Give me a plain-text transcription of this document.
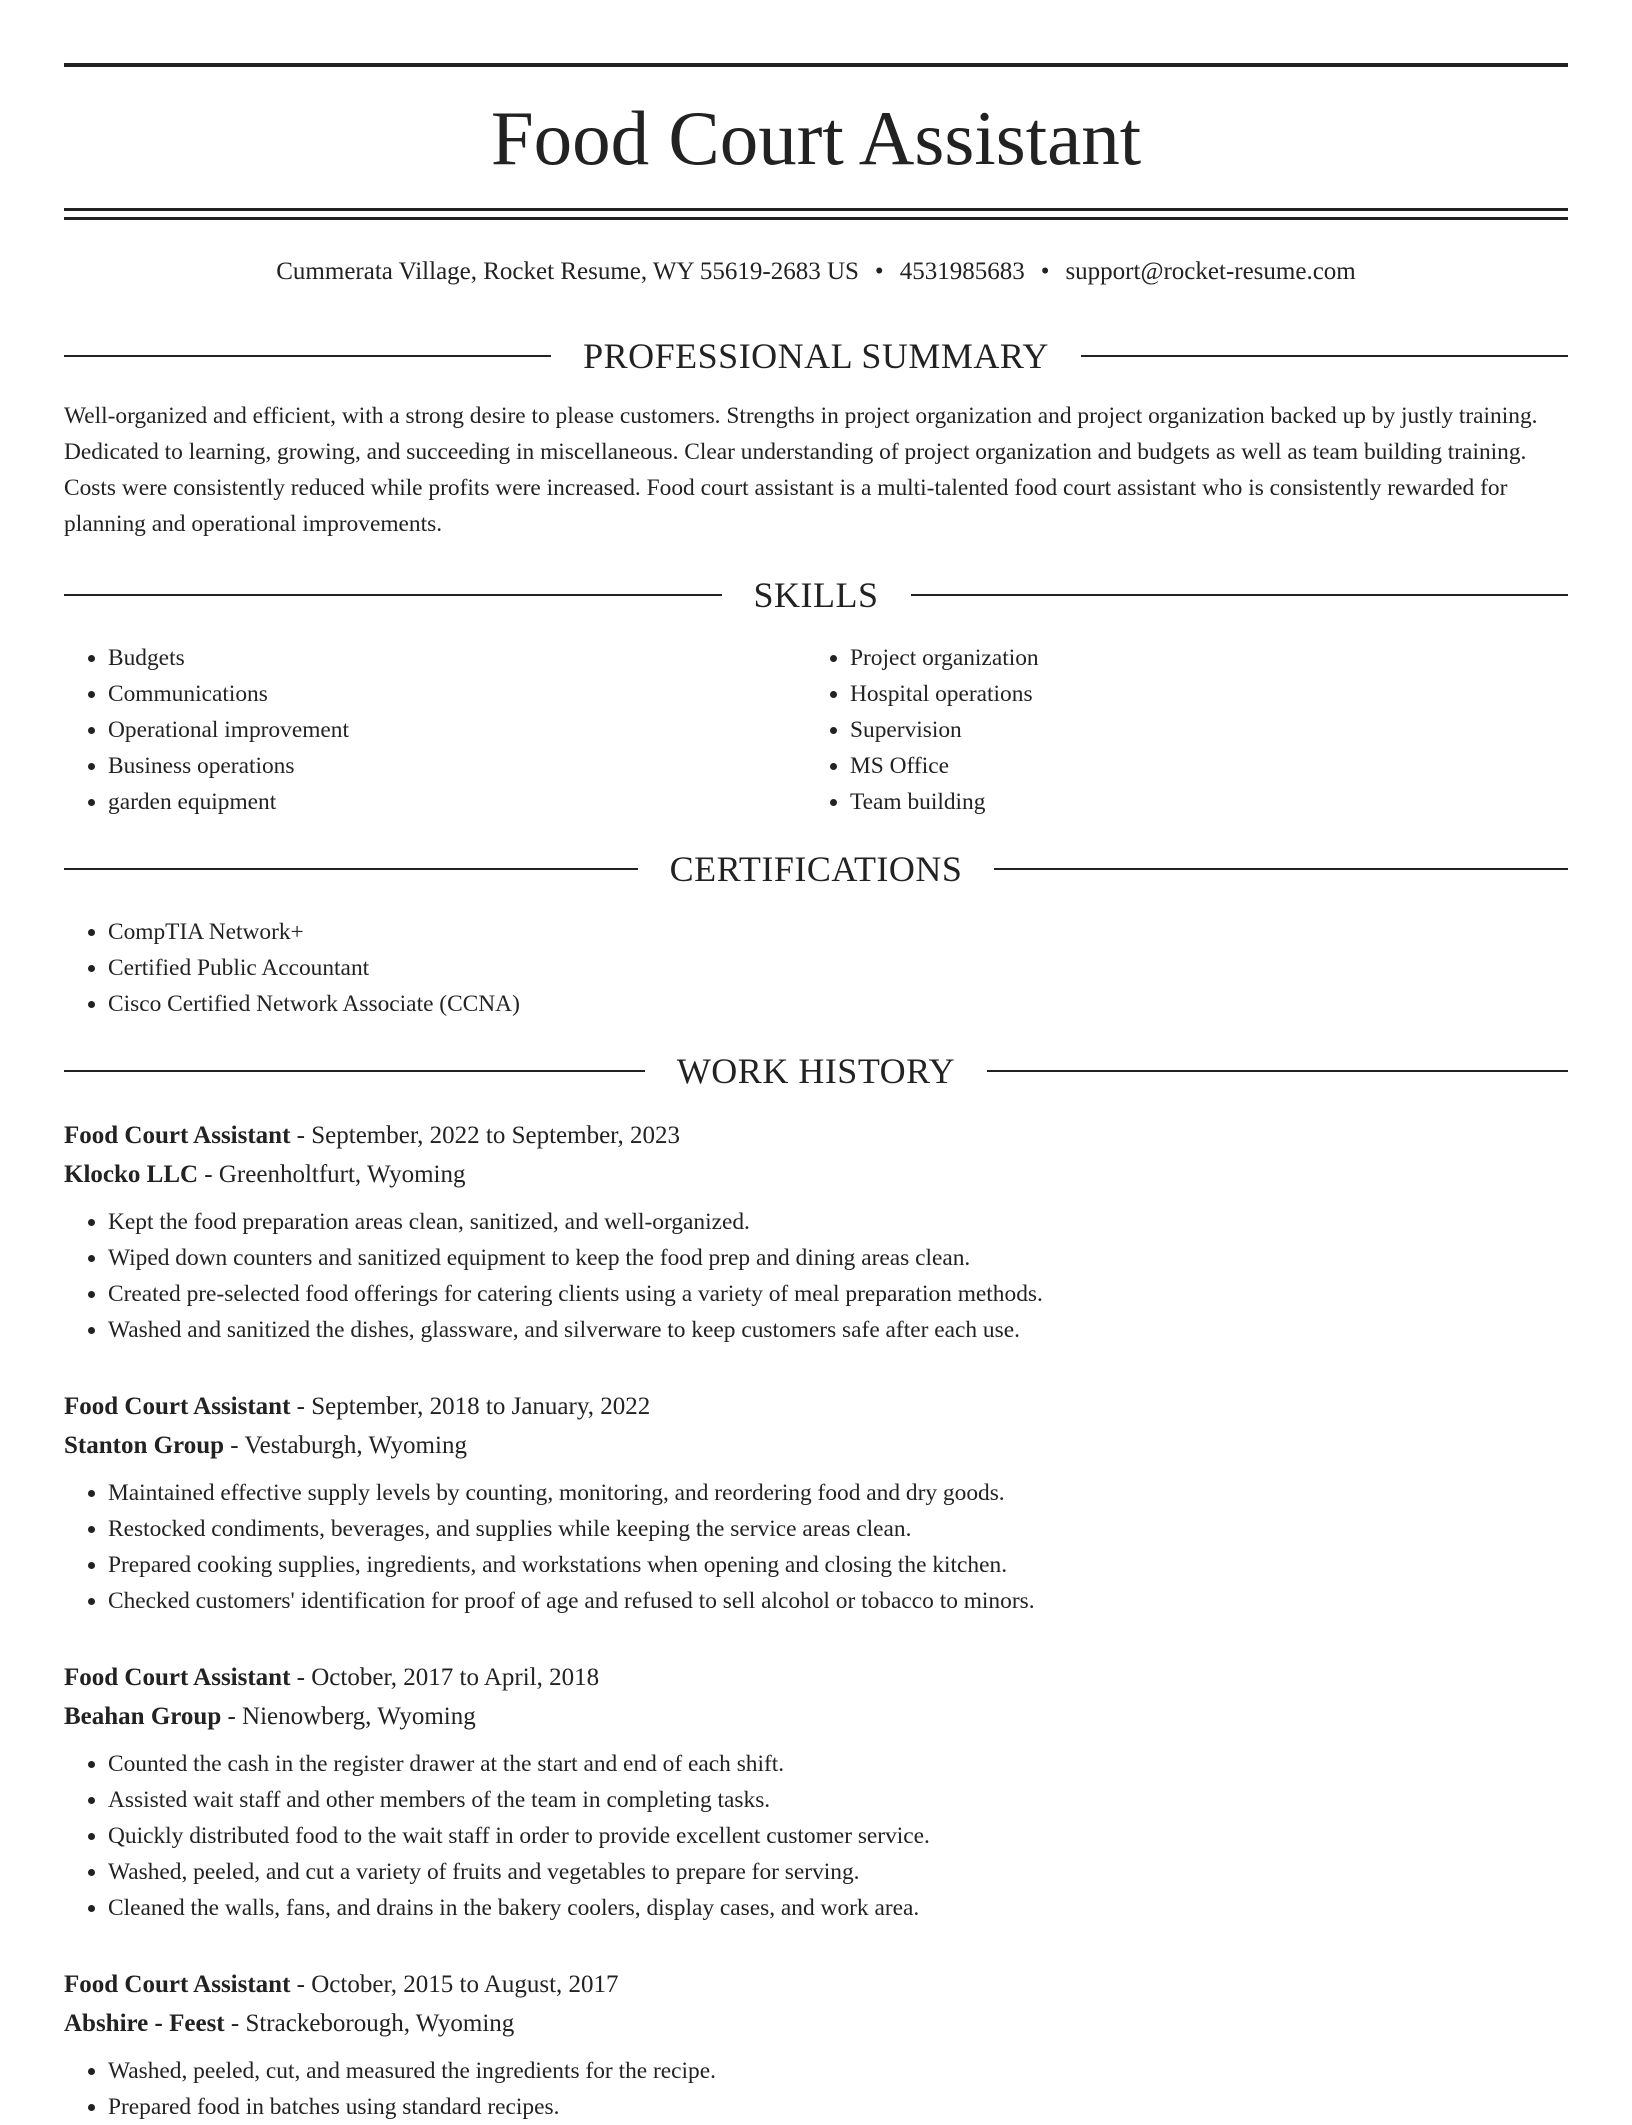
Food Court Assistant
Cummerata Village, Rocket Resume, WY 55619-2683 US • 4531985683 • support@rocket-resume.com
PROFESSIONAL SUMMARY

Well-organized and efficient, with a strong desire to please customers. Strengths in project organization and project organization backed up by justly training. Dedicated to learning, growing, and succeeding in miscellaneous. Clear understanding of project organization and budgets as well as team building training. Costs were consistently reduced while profits were increased. Food court assistant is a multi-talented food court assistant who is consistently rewarded for planning and operational improvements.

SKILLS
• Budgets
• Communications
• Operational improvement
• Business operations
• garden equipment
• Project organization
• Hospital operations
• Supervision
• MS Office
• Team building
CERTIFICATIONS
• CompTIA Network+
• Certified Public Accountant
• Cisco Certified Network Associate (CCNA)
WORK HISTORY
Food Court Assistant - September, 2022 to September, 2023
Klocko LLC - Greenholtfurt, Wyoming
• Kept the food preparation areas clean, sanitized, and well-organized.
• Wiped down counters and sanitized equipment to keep the food prep and dining areas clean.
• Created pre-selected food offerings for catering clients using a variety of meal preparation methods.
• Washed and sanitized the dishes, glassware, and silverware to keep customers safe after each use.
Food Court Assistant - September, 2018 to January, 2022
Stanton Group - Vestaburgh, Wyoming
• Maintained effective supply levels by counting, monitoring, and reordering food and dry goods.
• Restocked condiments, beverages, and supplies while keeping the service areas clean.
• Prepared cooking supplies, ingredients, and workstations when opening and closing the kitchen.
• Checked customers' identification for proof of age and refused to sell alcohol or tobacco to minors.
Food Court Assistant - October, 2017 to April, 2018
Beahan Group - Nienowberg, Wyoming
• Counted the cash in the register drawer at the start and end of each shift.
• Assisted wait staff and other members of the team in completing tasks.
• Quickly distributed food to the wait staff in order to provide excellent customer service.
• Washed, peeled, and cut a variety of fruits and vegetables to prepare for serving.
• Cleaned the walls, fans, and drains in the bakery coolers, display cases, and work area.
Food Court Assistant - October, 2015 to August, 2017
Abshire - Feest - Strackeborough, Wyoming
• Washed, peeled, cut, and measured the ingredients for the recipe.
• Prepared food in batches using standard recipes.
